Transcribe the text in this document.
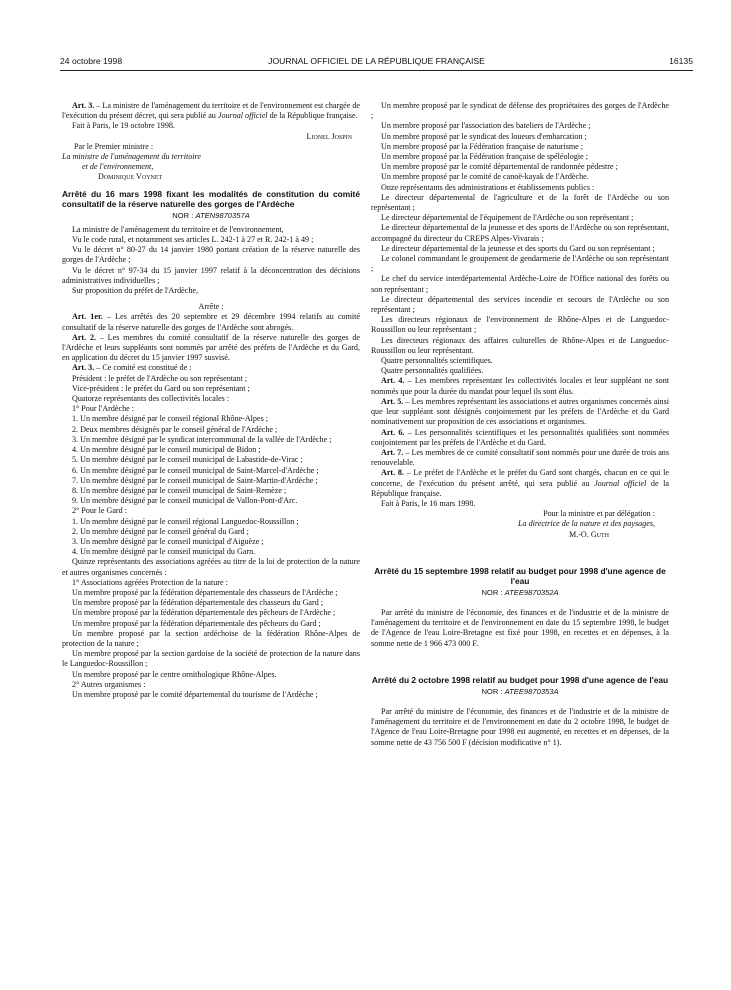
24 octobre 1998	JOURNAL OFFICIEL DE LA RÉPUBLIQUE FRANÇAISE	16135

Art. 3. – La ministre de l'aménagement du territoire et de l'environnement est chargée de l'exécution du présent décret, qui sera publié au Journal officiel de la République française.

Fait à Paris, le 19 octobre 1998.

Lionel Jospin

Par le Premier ministre :

La ministre de l'aménagement du territoire

et de l'environnement,

Dominique Voynet

Arrêté du 16 mars 1998 fixant les modalités de constitution du comité consultatif de la réserve naturelle des gorges de l'Ardèche

NOR : ATEN9870357A

La ministre de l'aménagement du territoire et de l'environnement,

Vu le code rural, et notamment ses articles L. 242-1 à 27 et R. 242-1 à 49 ;

Vu le décret n° 80-27 du 14 janvier 1980 portant création de la réserve naturelle des gorges de l'Ardèche ;

Vu le décret n° 97-34 du 15 janvier 1997 relatif à la déconcentration des décisions administratives individuelles ;

Sur proposition du préfet de l'Ardèche,

Arrête :

Art. 1er. – Les arrêtés des 20 septembre et 29 décembre 1994 relatifs au comité consultatif de la réserve naturelle des gorges de l'Ardèche sont abrogés.

Art. 2. – Les membres du comité consultatif de la réserve naturelle des gorges de l'Ardèche et leurs suppléants sont nommés par arrêté des préfets de l'Ardèche et du Gard, en application du décret du 15 janvier 1997 susvisé.

Art. 3. – Ce comité est constitué de :

Président : le préfet de l'Ardèche ou son représentant ;

Vice-président : le préfet du Gard ou son représentant ;

Quatorze représentants des collectivités locales :

1° Pour l'Ardèche :

1. Un membre désigné par le conseil régional Rhône-Alpes ;

2. Deux membres désignés par le conseil général de l'Ardèche ;

3. Un membre désigné par le syndicat intercommunal de la vallée de l'Ardèche ;

4. Un membre désigné par le conseil municipal de Bidon ;

5. Un membre désigné par le conseil municipal de Labastide-de-Virac ;

6. Un membre désigné par le conseil municipal de Saint-Marcel-d'Ardèche ;

7. Un membre désigné par le conseil municipal de Saint-Martin-d'Ardèche ;

8. Un membre désigné par le conseil municipal de Saint-Remèze ;

9. Un membre désigné par le conseil municipal de Vallon-Pont-d'Arc.

2° Pour le Gard :

1. Un membre désigné par le conseil régional Languedoc-Roussillon ;

2. Un membre désigné par le conseil général du Gard ;

3. Un membre désigné par le conseil municipal d'Aiguèze ;

4. Un membre désigné par le conseil municipal du Garn.

Quinze représentants des associations agréées au titre de la loi de protection de la nature et autres organismes concernés :

1° Associations agréées Protection de la nature :

Un membre proposé par la fédération départementale des chasseurs de l'Ardèche ;

Un membre proposé par la fédération départementale des chasseurs du Gard ;

Un membre proposé par la fédération départementale des pêcheurs de l'Ardèche ;

Un membre proposé par la fédération départementale des pêcheurs du Gard ;

Un membre proposé par la section ardéchoise de la fédération Rhône-Alpes de protection de la nature ;

Un membre proposé par la section gardoise de la société de protection de la nature dans le Languedoc-Roussillon ;

Un membre proposé par le centre ornithologique Rhône-Alpes.

2° Autres organismes :

Un membre proposé par le comité départemental du tourisme de l'Ardèche ;

Un membre proposé par le syndicat de défense des propriétaires des gorges de l'Ardèche ;

Un membre proposé par l'association des bateliers de l'Ardèche ;

Un membre proposé par le syndicat des loueurs d'embarcation ;

Un membre proposé par la Fédération française de naturisme ;

Un membre proposé par la Fédération française de spéléologie ;

Un membre proposé par le comité départemental de randonnée pédestre ;

Un membre proposé par le comité de canoë-kayak de l'Ardèche.

Onze représentants des administrations et établissements publics :

Le directeur départemental de l'agriculture et de la forêt de l'Ardèche ou son représentant ;

Le directeur départemental de l'équipement de l'Ardèche ou son représentant ;

Le directeur départemental de la jeunesse et des sports de l'Ardèche ou son représentant, accompagné du directeur du CREPS Alpes-Vivarais ;

Le directeur départemental de la jeunesse et des sports du Gard ou son représentant ;

Le colonel commandant le groupement de gendarmerie de l'Ardèche ou son représentant ;

Le chef du service interdépartemental Ardèche-Loire de l'Office national des forêts ou son représentant ;

Le directeur départemental des services incendie et secours de l'Ardèche ou son représentant ;

Les directeurs régionaux de l'environnement de Rhône-Alpes et de Languedoc-Roussillon ou leur représentant ;

Les directeurs régionaux des affaires culturelles de Rhône-Alpes et de Languedoc-Roussillon ou leur représentant.

Quatre personnalités scientifiques.

Quatre personnalités qualifiées.

Art. 4. – Les membres représentant les collectivités locales et leur suppléant ne sont nommés que pour la durée du mandat pour lequel ils sont élus.

Art. 5. – Les membres représentant les associations et autres organismes concernés ainsi que leur suppléant sont désignés conjointement par les préfets de l'Ardèche et du Gard nominativement sur proposition de ces associations et organismes.

Art. 6. – Les personnalités scientifiques et les personnalités qualifiées sont nommées conjointement par les préfets de l'Ardèche et du Gard.

Art. 7. – Les membres de ce comité consultatif sont nommés pour une durée de trois ans renouvelable.

Art. 8. – Le préfet de l'Ardèche et le préfet du Gard sont chargés, chacun en ce qui le concerne, de l'exécution du présent arrêté, qui sera publié au Journal officiel de la République française.

Fait à Paris, le 16 mars 1998.

Pour la ministre et par délégation :

La directrice de la nature et des paysages,

M.-O. Guth

Arrêté du 15 septembre 1998 relatif au budget pour 1998 d'une agence de l'eau

NOR : ATEE9870352A

Par arrêté du ministre de l'économie, des finances et de l'industrie et de la ministre de l'aménagement du territoire et de l'environnement en date du 15 septembre 1998, le budget de l'Agence de l'eau Loire-Bretagne est fixé pour 1998, en recettes et en dépenses, à la somme nette de 1 966 473 000 F.

Arrêté du 2 octobre 1998 relatif au budget pour 1998 d'une agence de l'eau

NOR : ATEE9870353A

Par arrêté du ministre de l'économie, des finances et de l'industrie et de la ministre de l'aménagement du territoire et de l'environnement en date du 2 octobre 1998, le budget de l'Agence de l'eau Loire-Bretagne pour 1998 est augmenté, en recettes et en dépenses, de la somme nette de 43 756 500 F (décision modificative n° 1).
